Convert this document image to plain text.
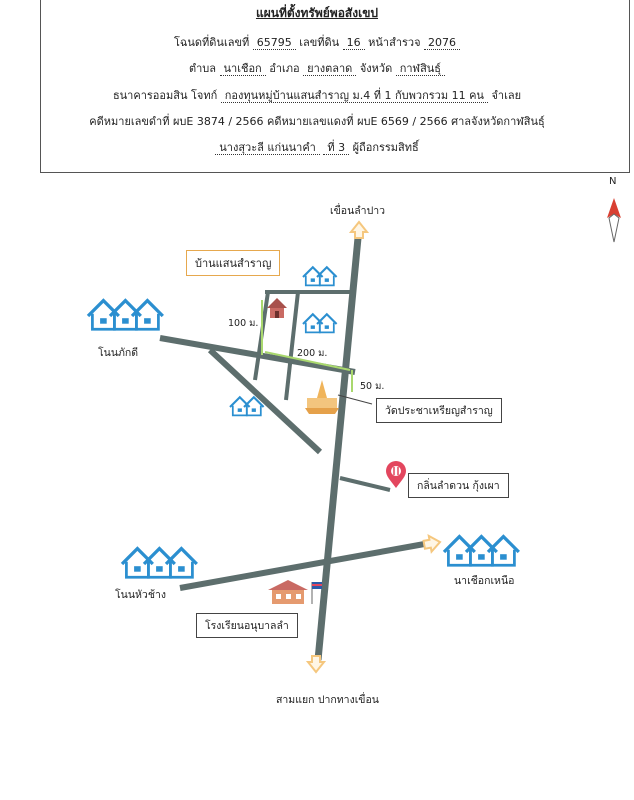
แผนที่ตั้งทรัพย์พอสังเขป
โฉนดที่ดินเลขที่ 65795 เลขที่ดิน 16 หน้าสำรวจ 2076
ตำบล นาเชือก อำเภอ ยางตลาด จังหวัด กาฬสินธุ์
ธนาคารออมสิน โจทก์ กองทุนหมู่บ้านแสนสำราญ ม.4 ที่ 1 กับพวกรวม 11 คน จำเลย
คดีหมายเลขดำที่ ผบE 3874 / 2566 คดีหมายเลขแดงที่ ผบE 6569 / 2566 ศาลจังหวัดกาฬสินธุ์
นางสุวะลี แก่นนาคำ ที่ 3 ผู้ถือกรรมสิทธิ์
N
เขื่อนลำปาว
บ้านแสนสำราญ
โนนภักดี
วัดประชาเหรียญสำราญ
กลิ่นลำดวน กุ้งเผา
โนนหัวช้าง
นาเชือกเหนือ
โรงเรียนอนุบาลลำ
สามแยก ปากทางเขื่อน
100 ม.
200 ม.
50 ม.
